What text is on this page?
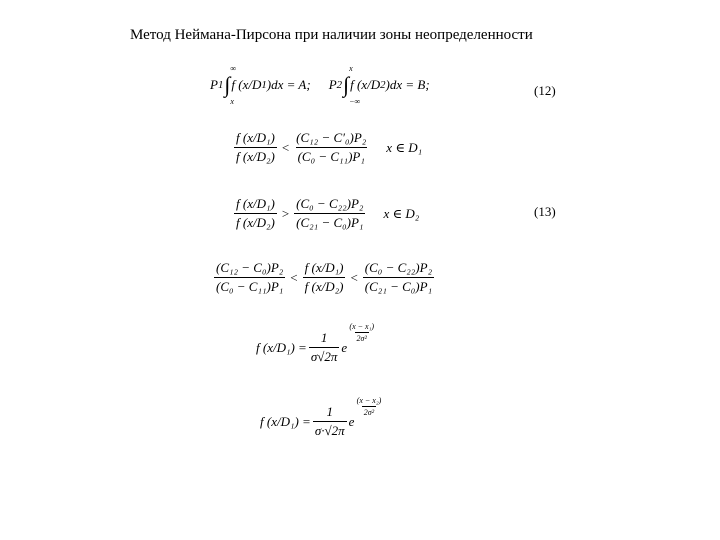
Метод Неймана-Пирсона при наличии зоны неопределенности
P 1 ∫
∞
x
f (x/D 1 )dx = A; P 2 ∫
x
−∞
f (x/D 2 )dx = B;	(12)
$\frac{\text{f (x/D₁)}}{\text{f (x/D₂)}} < \frac{\text{(C₁₂ − C′₀)P₂}}{\text{(C₀ − C₁₁)P₁}}$ x ∈ D₁
$\frac{\text{f (x/D₁)}}{\text{f (x/D₂)}} > \frac{\text{(C₀ − C₂₂)P₂}}{\text{(C₂₁ − C₀)P₁}}$ x ∈ D₂	(13)
$\frac{\text{(C₁₂ − C₀)P₂}}{\text{(C₀ − C₁₁)P₁}} < \frac{\text{f (x/D₁)}}{\text{f (x/D₂)}} < \frac{\text{(C₀ − C₂₂)P₂}}{\text{(C₂₁ − C₀)P₁}}$
f $(x/D_1) = \frac{1}{\sigma√2\pi}$ e
$\frac{\text{(x − x₁)}}{\text{2σ²}}$
f $(x/D_1) = \frac{1}{\sigma\cdot√2\pi}$ e
$\frac{\text{(x − x₂)}}{\text{2σ²}}$
